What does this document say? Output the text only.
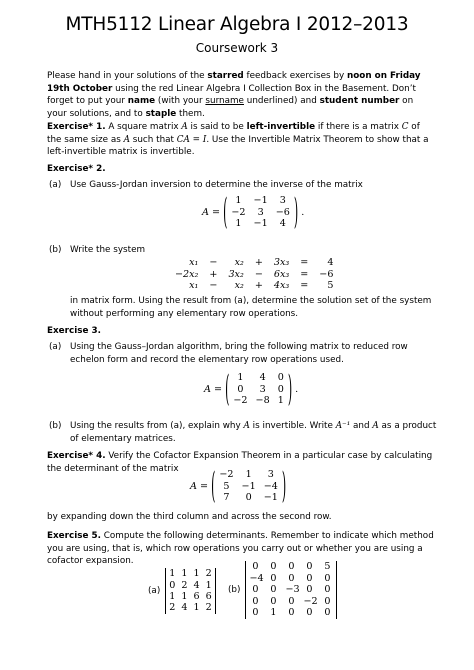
MTH5112 Linear Algebra I 2012–2013
Coursework 3
Please hand in your solutions of the starred feedback exercises by noon on Friday 19th October using the red Linear Algebra I Collection Box in the Basement. Don’t forget to put your name (with your surname underlined) and student number on your solutions, and to staple them.
Exercise* 1. A square matrix A is said to be left-invertible if there is a matrix C of the same size as A such that CA = I. Use the Invertible Matrix Theorem to show that a left-invertible matrix is invertible.
Exercise* 2.
(a) Use Gauss-Jordan inversion to determine the inverse of the matrix
A = ( 1	−1	3
−2	3	−6
1	−1	4 ) .
(b) Write the system
x₁	−	x₂	+	3x₃	=	4
−2x₂	+	3x₂	−	6x₃	=	−6
x₁	−	x₂	+	4x₃	=	5
in matrix form. Using the result from (a), determine the solution set of the system without performing any elementary row operations.
Exercise 3.
(a) Using the Gauss–Jordan algorithm, bring the following matrix to reduced row echelon form and record the elementary row operations used.
A = ( 1	4	0
0	3	0
−2 −8 1 ) .
(b) Using the results from (a), explain why A is invertible. Write A⁻¹ and A as a product of elementary matrices.
Exercise* 4. Verify the Cofactor Expansion Theorem in a particular case by calculating the determinant of the matrix
A = ( −2	1	3
5	−1 −4
7	0	−1 )
by expanding down the third column and across the second row.
Exercise 5. Compute the following determinants. Remember to indicate which method you are using, that is, which row operations you carry out or whether you are using a cofactor expansion.
(a)
1 1 1 2
0 2 4 1
1 1 6 6
2 4 1 2
(b)
0	0	0	0	5
−4 0	0	0	0
0	0 −3 0	0
0	0	0 −2 0
0	1	0	0	0
